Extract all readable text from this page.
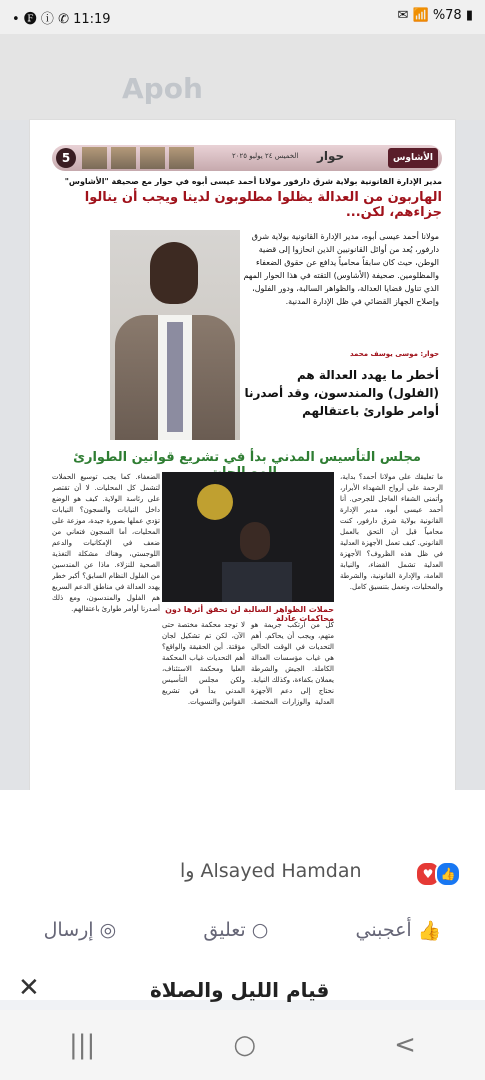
• 🅕 ⓘ ✆ 11:19	✉ 📶 %78 ▮
Apoh
5	الخميس ٢٤ يوليو ٢٠٢٥ حوار	الأشاوس
مدير الإدارة القانونية بولاية شرق دارفور مولانا أحمد عيسى أبوه في حوار مع صحيفة "الأشاوس"
الهاربون من العدالة يظلوا مطلوبون لدينا ويجب أن ينالوا جزاءهم، لكن...
مولانا أحمد عيسى أبوه، مدير الإدارة القانونية بولاية شرق دارفور، يُعد من أوائل القانونيين الذين انحازوا إلى قضية الوطن، حيث كان سابقاً محامياً يدافع عن حقوق الضعفاء والمظلومين. صحيفة (الأشاوس) التقته في هذا الحوار المهم الذي تناول قضايا العدالة، والظواهر السالبة، ودور الفلول، وإصلاح الجهاز القضائي في ظل الإدارة المدنية.
حوار: موسى يوسف محمد
أخطر ما يهدد العدالة هم (الفلول) والمندسون، وقد أصدرنا أوامر طوارئ باعتقالهم
مجلس التأسيس المدني بدأ في تشريع قوانين الطوارئ
الضعفاء. كما يجب توسيع الحملات لتشمل كل المحليات. لا أن تقتصر على رئاسة الولاية. كيف هو الوضع داخل النيابات والسجون؟ النيابات تؤدي عملها بصورة جيدة، موزعة على المحليات، أما السجون فتعاني من ضعف في الإمكانيات والدعم اللوجستي، وهناك مشكلة التغذية الصحية للنزلاء. ماذا عن المندسين من الفلول النظام السابق؟ أكبر خطر يهدد العدالة في مناطق الدعم السريع هم الفلول والمندسون، ومع ذلك أصدرنا أوامر طوارئ باعتقالهم. حملات الظواهر السالبة لن تحقق أثرها دون محاكمات عادلة
كل من ارتكب جريمة هو متهم، ويجب أن يحاكم. أهم التحديات في الوقت الحالي هي غياب مؤسسات العدالة الكاملة. الجيش والشرطة يعملان بكفاءة، وكذلك النيابة. نحتاج إلى دعم الأجهزة العدلية والوزارات المختصة. لا توجد محكمة مختصة حتى الآن، لكن تم تشكيل لجان مؤقتة. أين الحقيقة والواقع؟ أهم التحديات غياب المحكمة العليا ومحكمة الاستئناف، ولكن مجلس التأسيس المدني بدأ في تشريع القوانين والتسويات.
ما تعليقك على مولانا أحمد؟ بداية، الرحمة على أرواح الشهداء الأبرار، وأتمنى الشفاء العاجل للجرحى. أنا أحمد عيسى أبوه، مدير الإدارة القانونية بولاية شرق دارفور، كنت محامياً قبل أن التحق بالعمل القانوني. كيف تعمل الأجهزة العدلية في ظل هذه الظروف؟ الأجهزة العدلية تشمل القضاء، والنيابة العامة، والإدارة القانونية، والشرطة والمحليات، ونعمل بتنسيق كامل.
Alsayed Hamdan وا	♥ 👍
إرسال ◎	تعليق ○	أعجبني 👍
✕	قيام الليل والصلاة
|||	○	<
